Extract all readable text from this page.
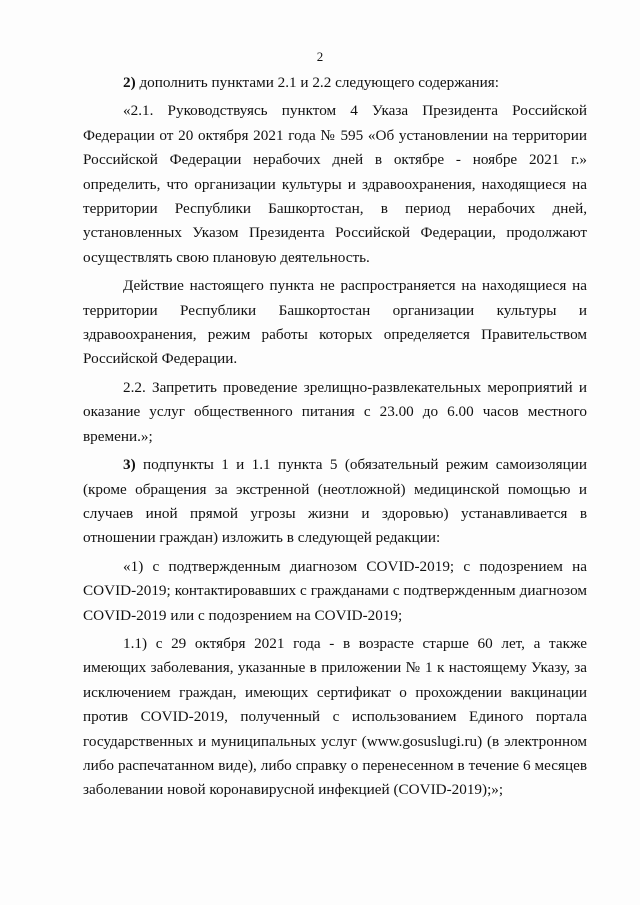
2

2) дополнить пунктами 2.1 и 2.2 следующего содержания:

«2.1. Руководствуясь пунктом 4 Указа Президента Российской Федерации от 20 октября 2021 года № 595 «Об установлении на территории Российской Федерации нерабочих дней в октябре - ноябре 2021 г.» определить, что организации культуры и здравоохранения, находящиеся на территории Республики Башкортостан, в период нерабочих дней, установленных Указом Президента Российской Федерации, продолжают осуществлять свою плановую деятельность.

Действие настоящего пункта не распространяется на находящиеся на территории Республики Башкортостан организации культуры и здравоохранения, режим работы которых определяется Правительством Российской Федерации.

2.2. Запретить проведение зрелищно-развлекательных мероприятий и оказание услуг общественного питания с 23.00 до 6.00 часов местного времени.»;

3) подпункты 1 и 1.1 пункта 5 (обязательный режим самоизоляции (кроме обращения за экстренной (неотложной) медицинской помощью и случаев иной прямой угрозы жизни и здоровью) устанавливается в отношении граждан) изложить в следующей редакции:

«1) с подтвержденным диагнозом COVID-2019; с подозрением на COVID-2019; контактировавших с гражданами с подтвержденным диагнозом COVID-2019 или с подозрением на COVID-2019;

1.1) с 29 октября 2021 года - в возрасте старше 60 лет, а также имеющих заболевания, указанные в приложении № 1 к настоящему Указу, за исключением граждан, имеющих сертификат о прохождении вакцинации против COVID-2019, полученный с использованием Единого портала государственных и муниципальных услуг (www.gosuslugi.ru) (в электронном либо распечатанном виде), либо справку о перенесенном в течение 6 месяцев заболевании новой коронавирусной инфекцией (COVID-2019);»;
